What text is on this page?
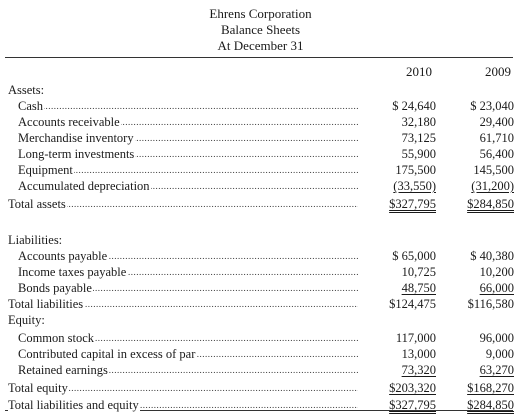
Ehrens Corporation
Balance Sheets
At December 31
2010	2009
Assets:
Cash .....	$ 24,640	$ 23,040
Accounts receivable .....	32,180	29,400
Merchandise inventory .....	73,125	61,710
Long-term investments .....	55,900	56,400
Equipment .....	175,500	145,500
Accumulated depreciation .....	(33,550)	(31,200)
Total assets .....	$327,795	$284,850
Liabilities:
Accounts payable .....	$ 65,000	$ 40,380
Income taxes payable .....	10,725	10,200
Bonds payable .....	48,750	66,000
Total liabilities .....	$124,475	$116,580
Equity:
Common stock .....	117,000	96,000
Contributed capital in excess of par .....	13,000	9,000
Retained earnings .....	73,320	63,270
Total equity .....	$203,320	$168,270
Total liabilities and equity .....	$327,795	$284,850
